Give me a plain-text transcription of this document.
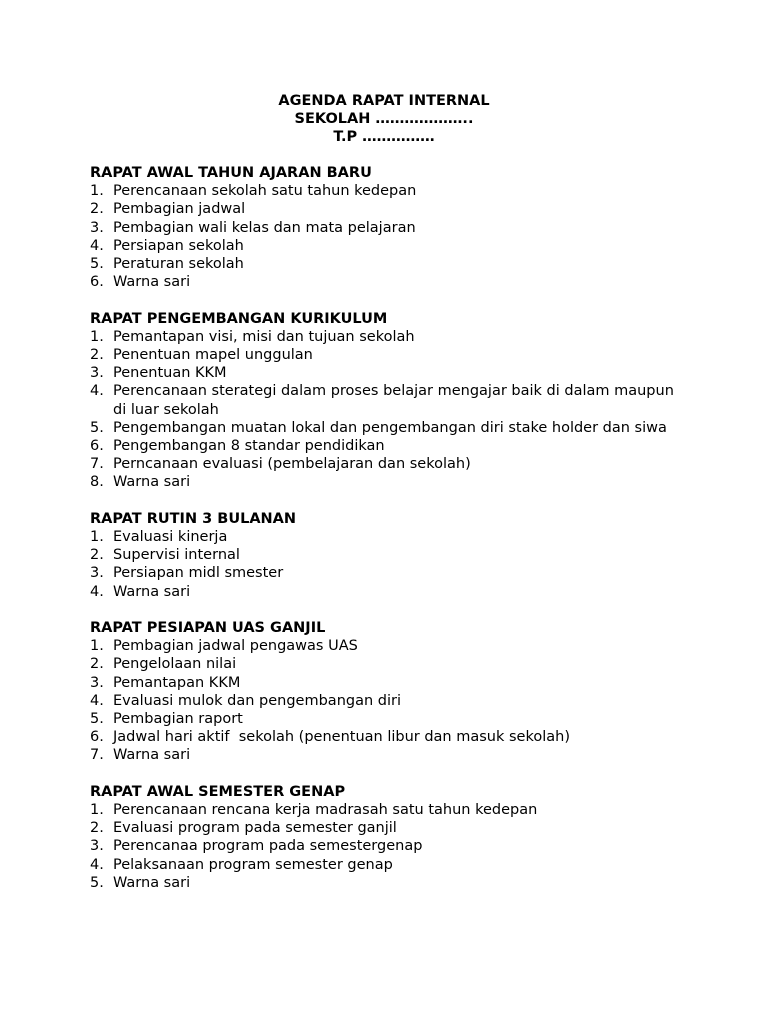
AGENDA RAPAT INTERNAL
SEKOLAH ………………..
T.P ……………
RAPAT AWAL TAHUN AJARAN BARU
1. Perencanaan sekolah satu tahun kedepan
2. Pembagian jadwal
3. Pembagian wali kelas dan mata pelajaran
4. Persiapan sekolah
5. Peraturan sekolah
6. Warna sari
RAPAT PENGEMBANGAN KURIKULUM
1. Pemantapan visi, misi dan tujuan sekolah
2. Penentuan mapel unggulan
3. Penentuan KKM
4. Perencanaan sterategi dalam proses belajar mengajar baik di dalam maupun di luar sekolah
5. Pengembangan muatan lokal dan pengembangan diri stake holder dan siwa
6. Pengembangan 8 standar pendidikan
7. Perncanaan evaluasi (pembelajaran dan sekolah)
8. Warna sari
RAPAT RUTIN 3 BULANAN
1. Evaluasi kinerja
2. Supervisi internal
3. Persiapan midl smester
4. Warna sari
RAPAT PESIAPAN UAS GANJIL
1. Pembagian jadwal pengawas UAS
2. Pengelolaan nilai
3. Pemantapan KKM
4. Evaluasi mulok dan pengembangan diri
5. Pembagian raport
6. Jadwal hari aktif  sekolah (penentuan libur dan masuk sekolah)
7. Warna sari
RAPAT AWAL SEMESTER GENAP
1. Perencanaan rencana kerja madrasah satu tahun kedepan
2. Evaluasi program pada semester ganjil
3. Perencanaa program pada semestergenap
4. Pelaksanaan program semester genap
5. Warna sari
